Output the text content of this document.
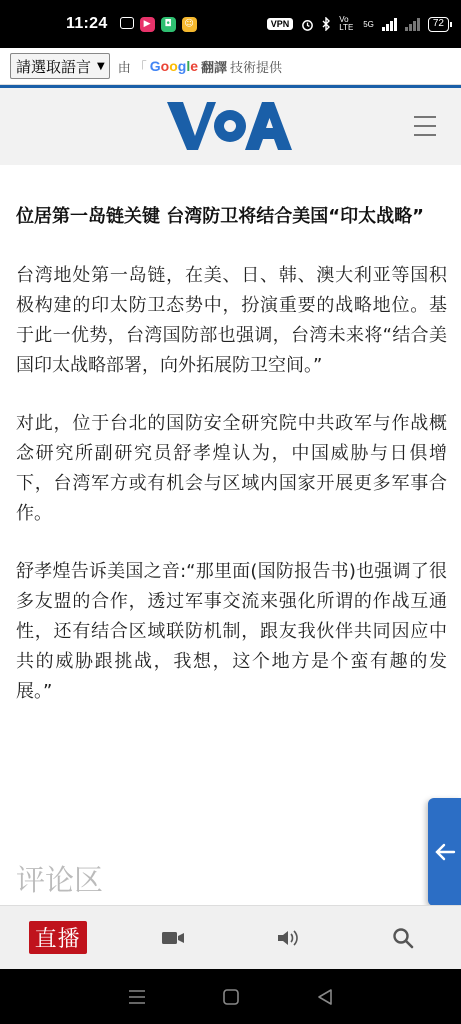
11:24	▶	◘	☺	VPN	Vo LTE 5G	72
請選取語言 ▼ 由 「 Google 翻譯 技術提供
位居第一岛链关键 台湾防卫将结合美国“印太战略”

台湾地处第一岛链，在美、日、韩、澳大利亚等国积极构建的印太防卫态势中，扮演重要的战略地位。基于此一优势，台湾国防部也强调，台湾未来将“结合美国印太战略部署，向外拓展防卫空间。”

对此，位于台北的国防安全研究院中共政军与作战概念研究所副研究员舒孝煌认为，中国威胁与日俱增下，台湾军方或有机会与区域内国家开展更多军事合作。

舒孝煌告诉美国之音:“那里面(国防报告书)也强调了很多友盟的合作，透过军事交流来强化所谓的作战互通性，还有结合区域联防机制，跟友我伙伴共同因应中共的威胁跟挑战，我想，这个地方是个蛮有趣的发展。”

评论区
直播
